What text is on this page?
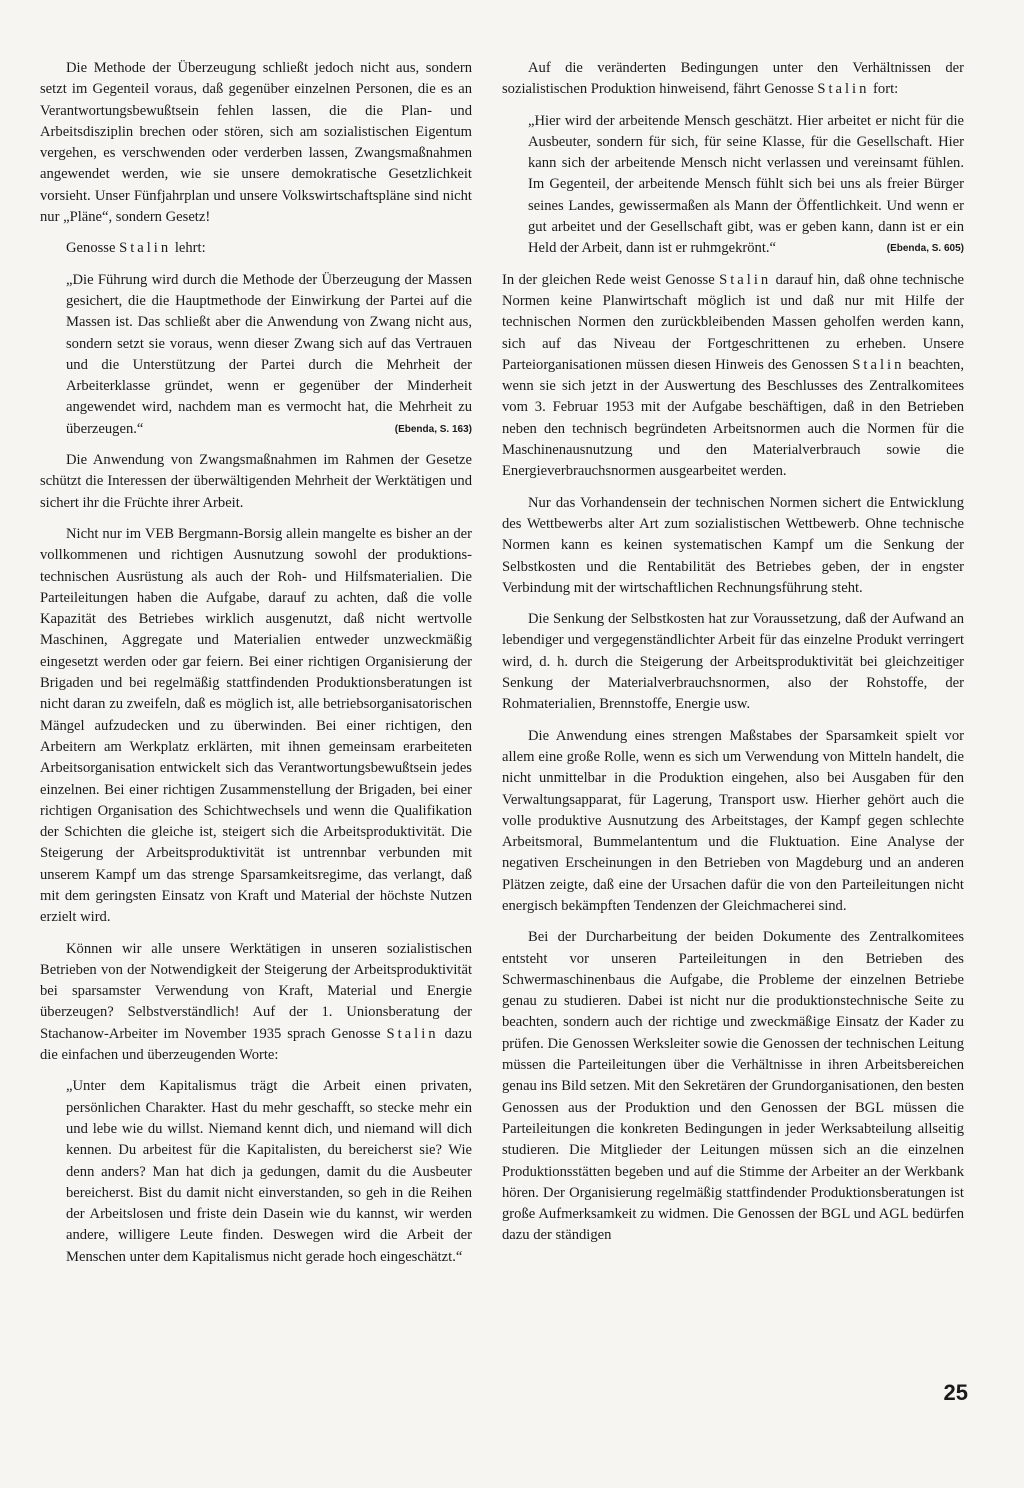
Die Methode der Überzeugung schließt jedoch nicht aus, sondern setzt im Gegenteil voraus, daß gegenüber einzelnen Personen, die es an Verantwortungsbewußtsein fehlen lassen, die die Plan- und Arbeitsdisziplin brechen oder stören, sich am sozialistischen Eigentum vergehen, es verschwenden oder verderben lassen, Zwangsmaßnahmen angewendet werden, wie sie unsere demokratische Gesetzlichkeit vorsieht. Unser Fünfjahrplan und unsere Volkswirtschaftspläne sind nicht nur „Pläne“, sondern Gesetz!

Genosse Stalin lehrt:

„Die Führung wird durch die Methode der Überzeugung der Massen gesichert, die die Hauptmethode der Einwirkung der Partei auf die Massen ist. Das schließt aber die Anwendung von Zwang nicht aus, sondern setzt sie voraus, wenn dieser Zwang sich auf das Vertrauen und die Unterstützung der Partei durch die Mehrheit der Arbeiterklasse gründet, wenn er gegenüber der Minderheit angewendet wird, nachdem man es vermocht hat, die Mehrheit zu überzeugen.“	(Ebenda, S. 163)

Die Anwendung von Zwangsmaßnahmen im Rahmen der Gesetze schützt die Interessen der überwältigenden Mehrheit der Werktätigen und sichert ihr die Früchte ihrer Arbeit.

Nicht nur im VEB Bergmann-Borsig allein mangelte es bisher an der vollkommenen und richtigen Ausnutzung sowohl der produktions-technischen Ausrüstung als auch der Roh- und Hilfsmaterialien. Die Parteileitungen haben die Aufgabe, darauf zu achten, daß die volle Kapazität des Betriebes wirklich ausgenutzt, daß nicht wertvolle Maschinen, Aggregate und Materialien entweder unzweckmäßig eingesetzt werden oder gar feiern. Bei einer richtigen Organisierung der Brigaden und bei regelmäßig stattfindenden Produktionsberatungen ist nicht daran zu zweifeln, daß es möglich ist, alle betriebsorganisatorischen Mängel aufzudecken und zu überwinden. Bei einer richtigen, den Arbeitern am Werkplatz erklärten, mit ihnen gemeinsam erarbeiteten Arbeitsorganisation entwickelt sich das Verantwortungsbewußtsein jedes einzelnen. Bei einer richtigen Zusammenstellung der Brigaden, bei einer richtigen Organisation des Schichtwechsels und wenn die Qualifikation der Schichten die gleiche ist, steigert sich die Arbeitsproduktivität. Die Steigerung der Arbeitsproduktivität ist untrennbar verbunden mit unserem Kampf um das strenge Sparsamkeitsregime, das verlangt, daß mit dem geringsten Einsatz von Kraft und Material der höchste Nutzen erzielt wird.

Können wir alle unsere Werktätigen in unseren sozialistischen Betrieben von der Notwendigkeit der Steigerung der Arbeitsproduktivität bei sparsamster Verwendung von Kraft, Material und Energie überzeugen? Selbstverständlich! Auf der 1. Unionsberatung der Stachanow-Arbeiter im November 1935 sprach Genosse Stalin dazu die einfachen und überzeugenden Worte:

„Unter dem Kapitalismus trägt die Arbeit einen privaten, persönlichen Charakter. Hast du mehr geschafft, so stecke mehr ein und lebe wie du willst. Niemand kennt dich, und niemand will dich kennen. Du arbeitest für die Kapitalisten, du bereicherst sie? Wie denn anders? Man hat dich ja gedungen, damit du die Ausbeuter bereicherst. Bist du damit nicht einverstanden, so geh in die Reihen der Arbeitslosen und friste dein Dasein wie du kannst, wir werden andere, willigere Leute finden. Deswegen wird die Arbeit der Menschen unter dem Kapitalismus nicht gerade hoch eingeschätzt.“

Auf die veränderten Bedingungen unter den Verhältnissen der sozialistischen Produktion hinweisend, fährt Genosse Stalin fort:

„Hier wird der arbeitende Mensch geschätzt. Hier arbeitet er nicht für die Ausbeuter, sondern für sich, für seine Klasse, für die Gesellschaft. Hier kann sich der arbeitende Mensch nicht verlassen und vereinsamt fühlen. Im Gegenteil, der arbeitende Mensch fühlt sich bei uns als freier Bürger seines Landes, gewissermaßen als Mann der Öffentlichkeit. Und wenn er gut arbeitet und der Gesellschaft gibt, was er geben kann, dann ist er ein Held der Arbeit, dann ist er ruhmgekrönt.“	(Ebenda, S. 605)

In der gleichen Rede weist Genosse Stalin darauf hin, daß ohne technische Normen keine Planwirtschaft möglich ist und daß nur mit Hilfe der technischen Normen den zurückbleibenden Massen geholfen werden kann, sich auf das Niveau der Fortgeschrittenen zu erheben. Unsere Parteiorganisationen müssen diesen Hinweis des Genossen Stalin beachten, wenn sie sich jetzt in der Auswertung des Beschlusses des Zentralkomitees vom 3. Februar 1953 mit der Aufgabe beschäftigen, daß in den Betrieben neben den technisch begründeten Arbeitsnormen auch die Normen für die Maschinenausnutzung und den Materialverbrauch sowie die Energieverbrauchsnormen ausgearbeitet werden.

Nur das Vorhandensein der technischen Normen sichert die Entwicklung des Wettbewerbs alter Art zum sozialistischen Wettbewerb. Ohne technische Normen kann es keinen systematischen Kampf um die Senkung der Selbstkosten und die Rentabilität des Betriebes geben, der in engster Verbindung mit der wirtschaftlichen Rechnungsführung steht.

Die Senkung der Selbstkosten hat zur Voraussetzung, daß der Aufwand an lebendiger und vergegenständlichter Arbeit für das einzelne Produkt verringert wird, d. h. durch die Steigerung der Arbeitsproduktivität bei gleichzeitiger Senkung der Materialverbrauchsnormen, also der Rohstoffe, der Rohmaterialien, Brennstoffe, Energie usw.

Die Anwendung eines strengen Maßstabes der Sparsamkeit spielt vor allem eine große Rolle, wenn es sich um Verwendung von Mitteln handelt, die nicht unmittelbar in die Produktion eingehen, also bei Ausgaben für den Verwaltungsapparat, für Lagerung, Transport usw. Hierher gehört auch die volle produktive Ausnutzung des Arbeitstages, der Kampf gegen schlechte Arbeitsmoral, Bummelantentum und die Fluktuation. Eine Analyse der negativen Erscheinungen in den Betrieben von Magdeburg und an anderen Plätzen zeigte, daß eine der Ursachen dafür die von den Parteileitungen nicht energisch bekämpften Tendenzen der Gleichmacherei sind.

Bei der Durcharbeitung der beiden Dokumente des Zentralkomitees entsteht vor unseren Parteileitungen in den Betrieben des Schwermaschinenbaus die Aufgabe, die Probleme der einzelnen Betriebe genau zu studieren. Dabei ist nicht nur die produktionstechnische Seite zu beachten, sondern auch der richtige und zweckmäßige Einsatz der Kader zu prüfen. Die Genossen Werksleiter sowie die Genossen der technischen Leitung müssen die Parteileitungen über die Verhältnisse in ihren Arbeitsbereichen genau ins Bild setzen. Mit den Sekretären der Grundorganisationen, den besten Genossen aus der Produktion und den Genossen der BGL müssen die Parteileitungen die konkreten Bedingungen in jeder Werksabteilung allseitig studieren. Die Mitglieder der Leitungen müssen sich an die einzelnen Produktionsstätten begeben und auf die Stimme der Arbeiter an der Werkbank hören. Der Organisierung regelmäßig stattfindender Produktionsberatungen ist große Aufmerksamkeit zu widmen. Die Genossen der BGL und AGL bedürfen dazu der ständigen

25
